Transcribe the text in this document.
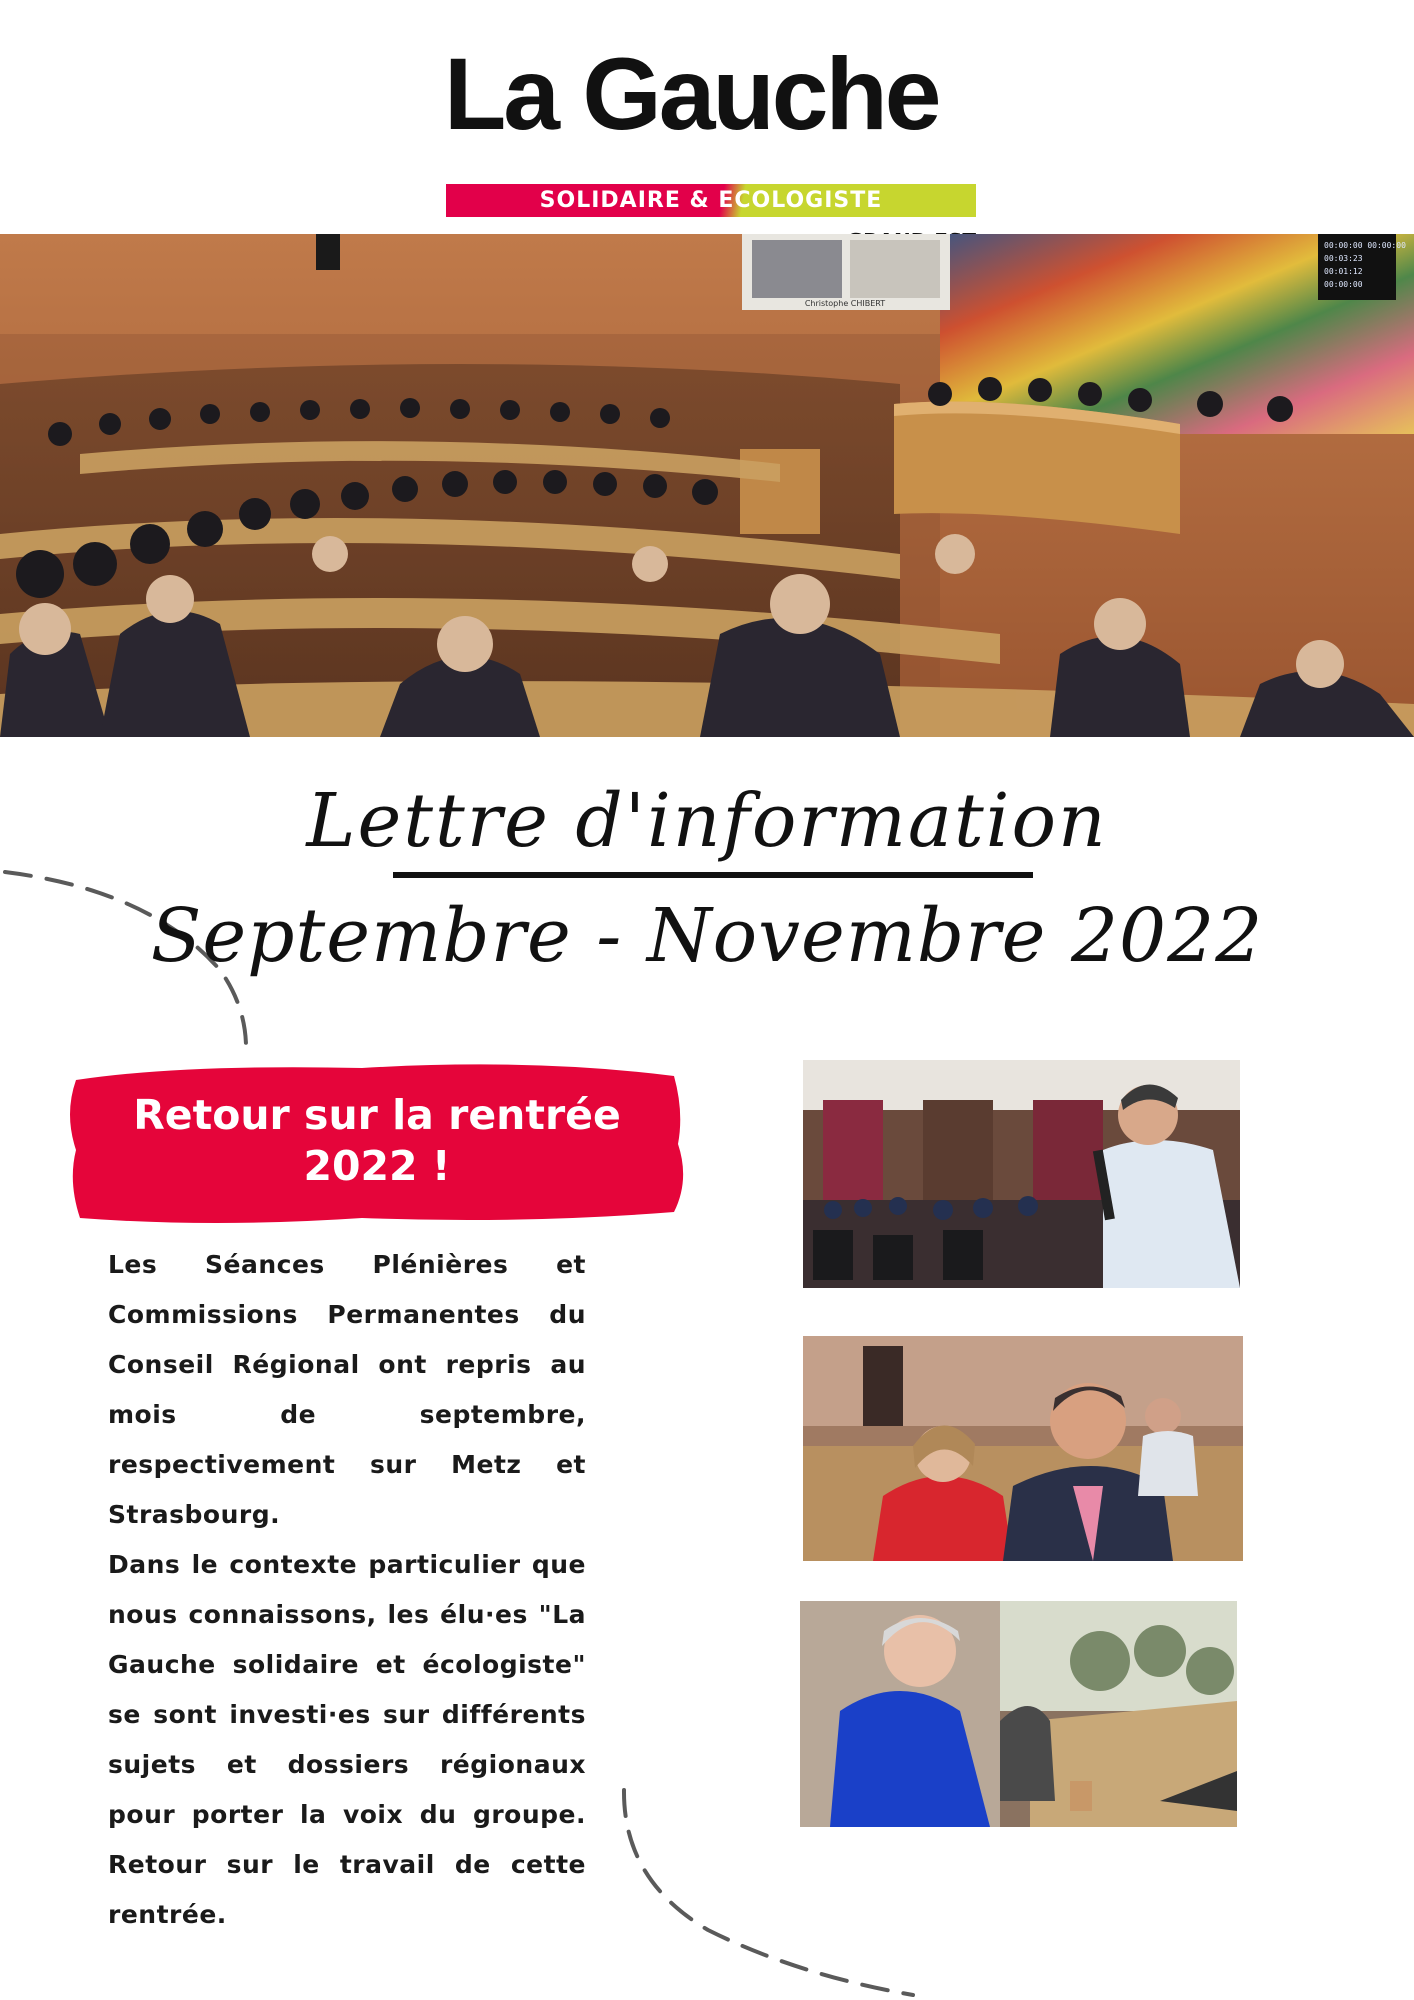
La Gauche
SOLIDAIRE & ECOLOGISTE
Christophe CHIBERT
00:00:00 00:00:00
00:03:23
00:01:12
00:00:00
Lettre d'information
Septembre - Novembre 2022
Retour sur la rentrée
2022 !

Les Séances Plénières et Commissions Permanentes du Conseil Régional ont repris au mois de septembre, respectivement sur Metz et Strasbourg.

Dans le contexte particulier que nous connaissons, les élu·es "La Gauche solidaire et écologiste" se sont investi·es sur différents sujets et dossiers régionaux pour porter la voix du groupe. Retour sur le travail de cette rentrée.
